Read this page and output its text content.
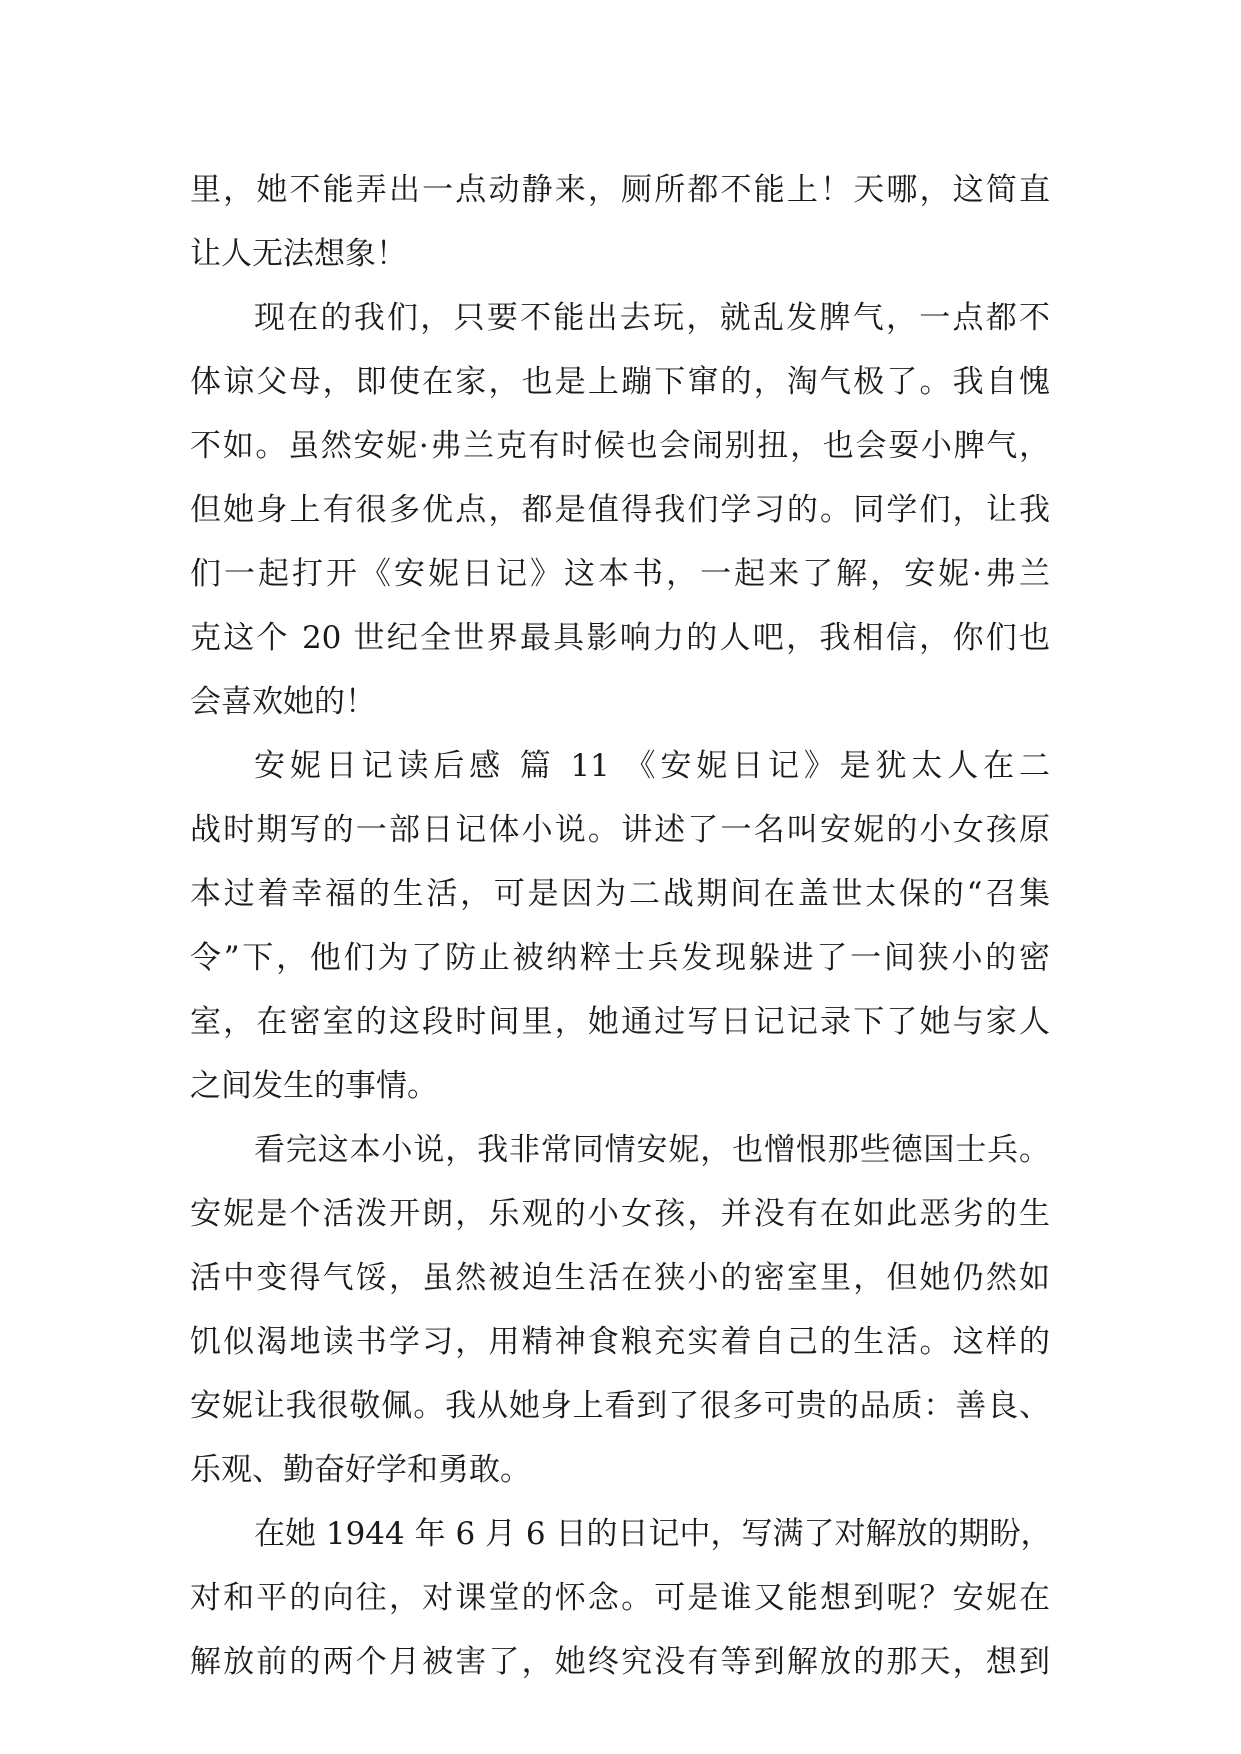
里，她不能弄出一点动静来，厕所都不能上！天哪，这简直
让人无法想象！
现在的我们，只要不能出去玩，就乱发脾气，一点都不
体谅父母，即使在家，也是上蹦下窜的，淘气极了。我自愧
不如。虽然安妮·弗兰克有时候也会闹别扭，也会耍小脾气，
但她身上有很多优点，都是值得我们学习的。同学们，让我
们一起打开《安妮日记》这本书，一起来了解，安妮·弗兰
克这个 20 世纪全世界最具影响力的人吧，我相信，你们也
会喜欢她的！
安妮日记读后感 篇 11 《安妮日记》是犹太人在二
战时期写的一部日记体小说。讲述了一名叫安妮的小女孩原
本过着幸福的生活，可是因为二战期间在盖世太保的“召集
令”下，他们为了防止被纳粹士兵发现躲进了一间狭小的密
室，在密室的这段时间里，她通过写日记记录下了她与家人
之间发生的事情。
看完这本小说，我非常同情安妮，也憎恨那些德国士兵。
安妮是个活泼开朗，乐观的小女孩，并没有在如此恶劣的生
活中变得气馁，虽然被迫生活在狭小的密室里，但她仍然如
饥似渴地读书学习，用精神食粮充实着自己的生活。这样的
安妮让我很敬佩。我从她身上看到了很多可贵的品质：善良、
乐观、勤奋好学和勇敢。
在她 1944 年 6 月 6 日的日记中，写满了对解放的期盼，
对和平的向往，对课堂的怀念。可是谁又能想到呢？安妮在
解放前的两个月被害了，她终究没有等到解放的那天，想到
